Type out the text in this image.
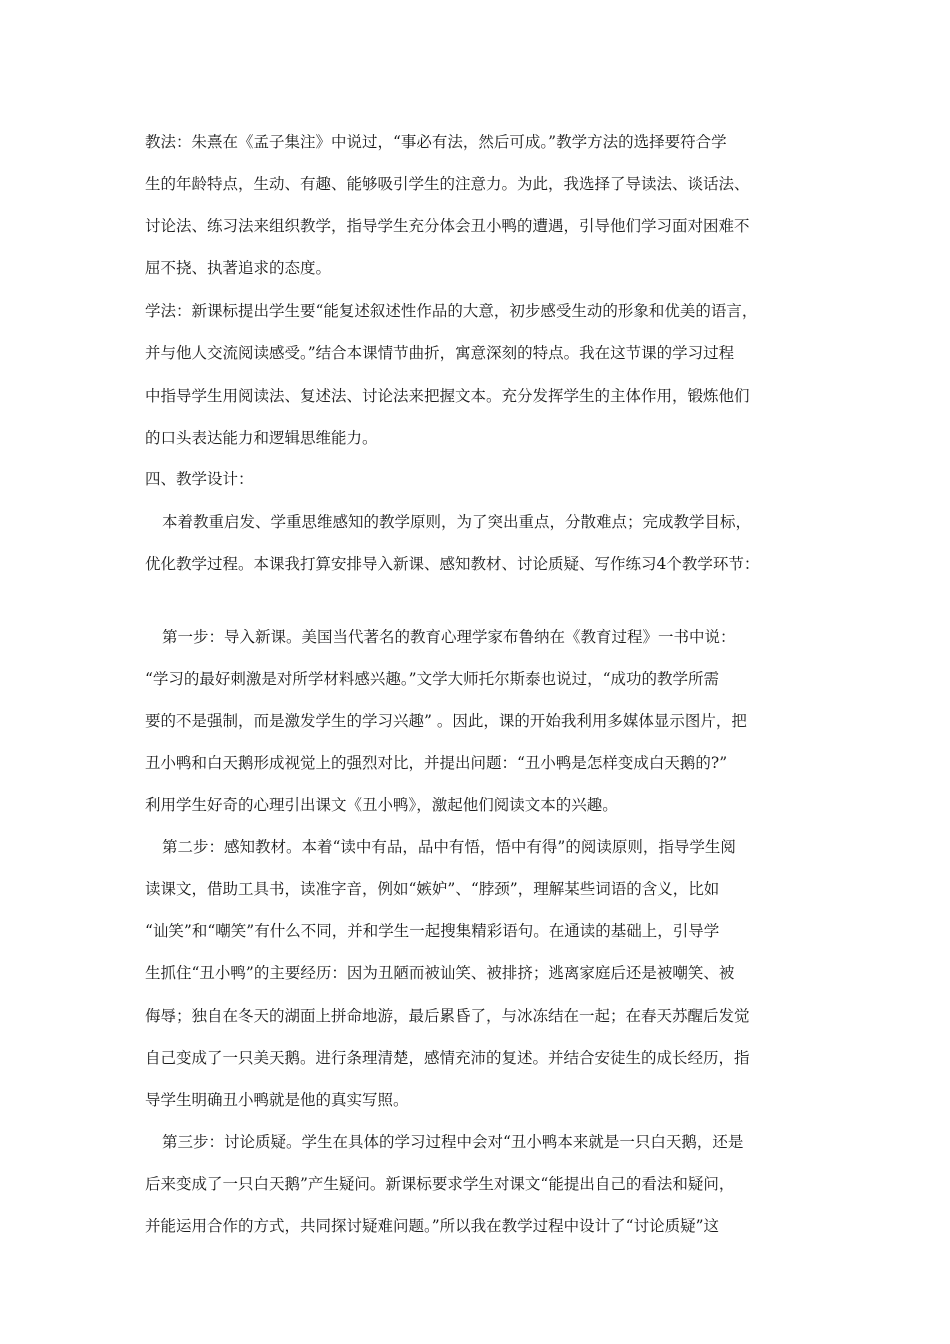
教法：朱熹在《孟子集注》中说过，“事必有法，然后可成。”教学方法的选择要符合学
生的年龄特点，生动、有趣、能够吸引学生的注意力。为此，我选择了导读法、谈话法、
讨论法、练习法来组织教学，指导学生充分体会丑小鸭的遭遇，引导他们学习面对困难不
屈不挠、执著追求的态度。
学法：新课标提出学生要“能复述叙述性作品的大意，初步感受生动的形象和优美的语言，
并与他人交流阅读感受。”结合本课情节曲折，寓意深刻的特点。我在这节课的学习过程
中指导学生用阅读法、复述法、讨论法来把握文本。充分发挥学生的主体作用，锻炼他们
的口头表达能力和逻辑思维能力。
四、教学设计：
本着教重启发、学重思维感知的教学原则，为了突出重点，分散难点；完成教学目标，
优化教学过程。本课我打算安排导入新课、感知教材、讨论质疑、写作练习4个教学环节：
第一步：导入新课。美国当代著名的教育心理学家布鲁纳在《教育过程》一书中说：
“学习的最好刺激是对所学材料感兴趣。”文学大师托尔斯泰也说过，“成功的教学所需
要的不是强制，而是激发学生的学习兴趣” 。因此，课的开始我利用多媒体显示图片，把
丑小鸭和白天鹅形成视觉上的强烈对比，并提出问题：“丑小鸭是怎样变成白天鹅的?”
利用学生好奇的心理引出课文《丑小鸭》，激起他们阅读文本的兴趣。
第二步：感知教材。本着“读中有品，品中有悟，悟中有得”的阅读原则，指导学生阅
读课文，借助工具书，读准字音，例如“嫉妒”、“脖颈”，理解某些词语的含义，比如
“讪笑”和“嘲笑”有什么不同，并和学生一起搜集精彩语句。在通读的基础上，引导学
生抓住“丑小鸭”的主要经历：因为丑陋而被讪笑、被排挤；逃离家庭后还是被嘲笑、被
侮辱；独自在冬天的湖面上拼命地游，最后累昏了，与冰冻结在一起；在春天苏醒后发觉
自己变成了一只美天鹅。进行条理清楚，感情充沛的复述。并结合安徒生的成长经历，指
导学生明确丑小鸭就是他的真实写照。
第三步：讨论质疑。学生在具体的学习过程中会对“丑小鸭本来就是一只白天鹅，还是
后来变成了一只白天鹅”产生疑问。新课标要求学生对课文“能提出自己的看法和疑问，
并能运用合作的方式，共同探讨疑难问题。”所以我在教学过程中设计了“讨论质疑”这
